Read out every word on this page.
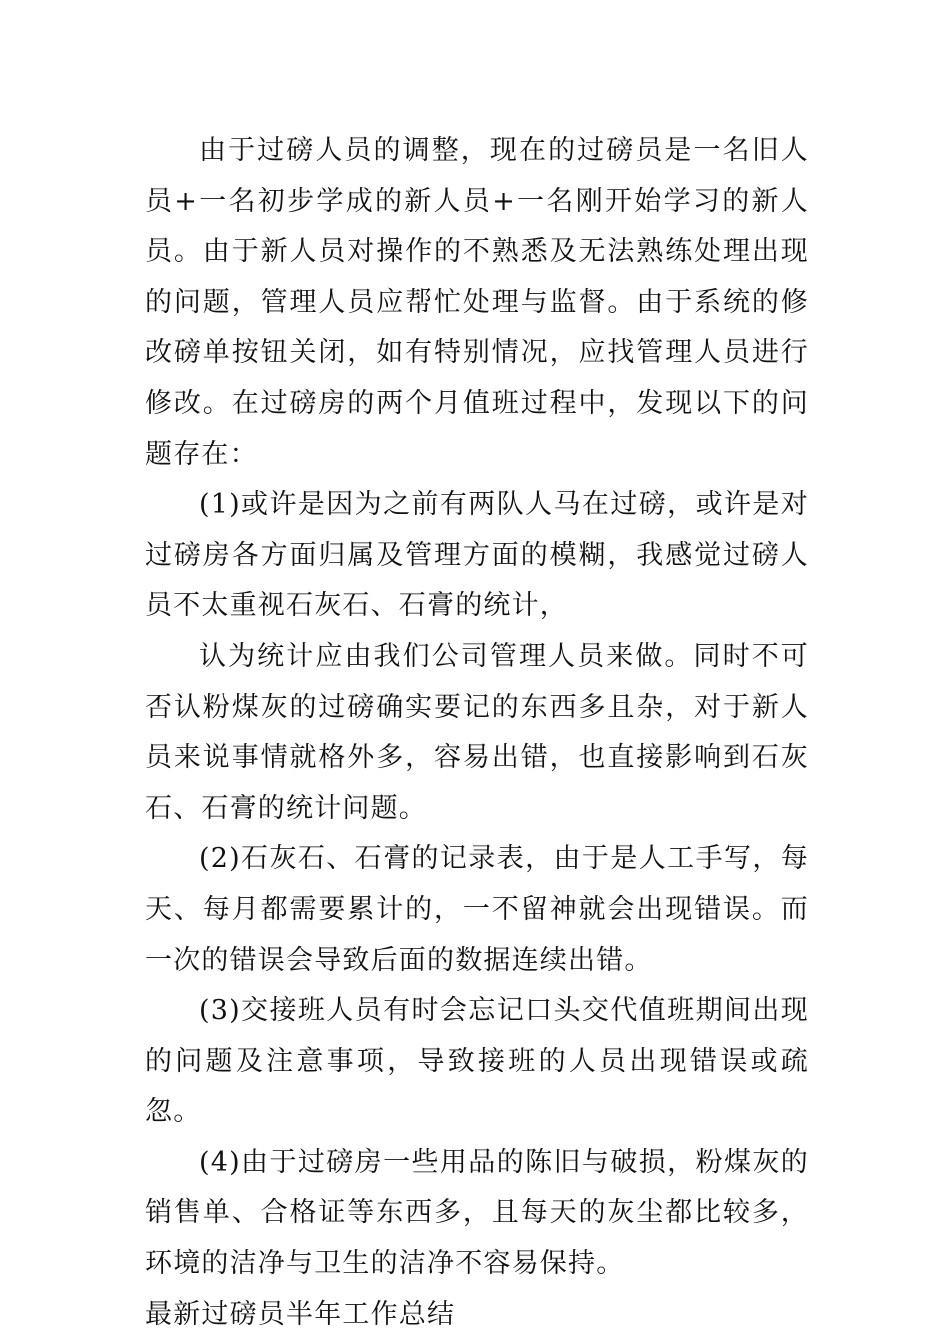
由于过磅人员的调整，现在的过磅员是一名旧人员+一名初步学成的新人员+一名刚开始学习的新人员。由于新人员对操作的不熟悉及无法熟练处理出现的问题，管理人员应帮忙处理与监督。由于系统的修改磅单按钮关闭，如有特别情况，应找管理人员进行修改。在过磅房的两个月值班过程中，发现以下的问题存在：

(1)或许是因为之前有两队人马在过磅，或许是对过磅房各方面归属及管理方面的模糊，我感觉过磅人员不太重视石灰石、石膏的统计，

认为统计应由我们公司管理人员来做。同时不可否认粉煤灰的过磅确实要记的东西多且杂，对于新人员来说事情就格外多，容易出错，也直接影响到石灰石、石膏的统计问题。

(2)石灰石、石膏的记录表，由于是人工手写，每天、每月都需要累计的，一不留神就会出现错误。而一次的错误会导致后面的数据连续出错。

(3)交接班人员有时会忘记口头交代值班期间出现的问题及注意事项，导致接班的人员出现错误或疏忽。

(4)由于过磅房一些用品的陈旧与破损，粉煤灰的销售单、合格证等东西多，且每天的灰尘都比较多，环境的洁净与卫生的洁净不容易保持。

最新过磅员半年工作总结
